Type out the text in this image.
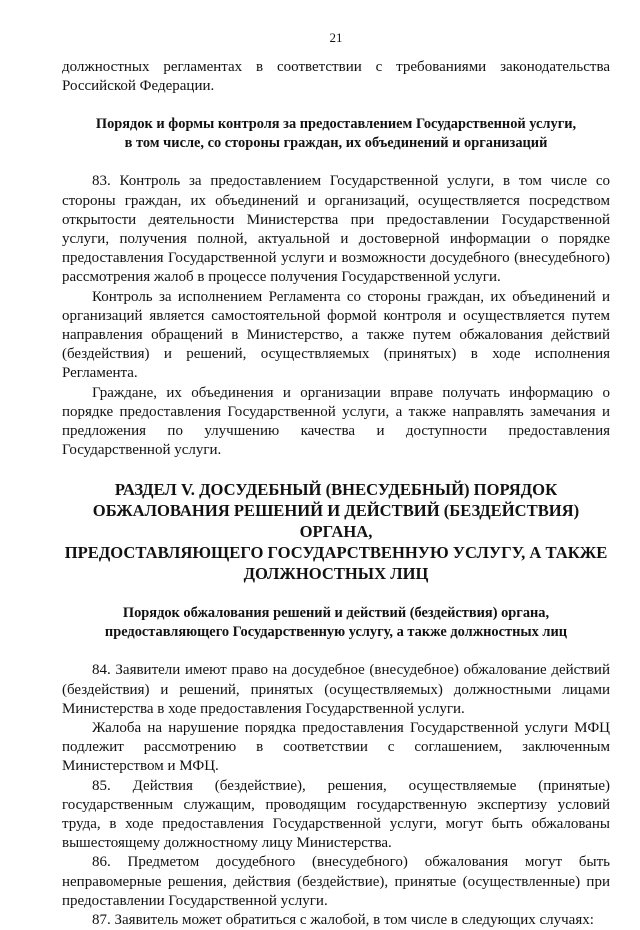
21

должностных регламентах в соответствии с требованиями законодательства Российской Федерации.

Порядок и формы контроля за предоставлением Государственной услуги,

в том числе, со стороны граждан, их объединений и организаций

83. Контроль за предоставлением Государственной услуги, в том числе со стороны граждан, их объединений и организаций, осуществляется посредством открытости деятельности Министерства при предоставлении Государственной услуги, получения полной, актуальной и достоверной информации о порядке предоставления Государственной услуги и возможности досудебного (внесудебного) рассмотрения жалоб в процессе получения Государственной услуги.

Контроль за исполнением Регламента со стороны граждан, их объединений и организаций является самостоятельной формой контроля и осуществляется путем направления обращений в Министерство, а также путем обжалования действий (бездействия) и решений, осуществляемых (принятых) в ходе исполнения Регламента.

Граждане, их объединения и организации вправе получать информацию о порядке предоставления Государственной услуги, а также направлять замечания и предложения по улучшению качества и доступности предоставления Государственной услуги.

РАЗДЕЛ V. ДОСУДЕБНЫЙ (ВНЕСУДЕБНЫЙ) ПОРЯДОК

ОБЖАЛОВАНИЯ РЕШЕНИЙ И ДЕЙСТВИЙ (БЕЗДЕЙСТВИЯ) ОРГАНА,

ПРЕДОСТАВЛЯЮЩЕГО ГОСУДАРСТВЕННУЮ УСЛУГУ, А ТАКЖЕ

ДОЛЖНОСТНЫХ ЛИЦ

Порядок обжалования решений и действий (бездействия) органа,

предоставляющего Государственную услугу, а также должностных лиц

84. Заявители имеют право на досудебное (внесудебное) обжалование действий (бездействия) и решений, принятых (осуществляемых) должностными лицами Министерства в ходе предоставления Государственной услуги.

Жалоба на нарушение порядка предоставления Государственной услуги МФЦ подлежит рассмотрению в соответствии с соглашением, заключенным Министерством и МФЦ.

85. Действия (бездействие), решения, осуществляемые (принятые) государственным служащим, проводящим государственную экспертизу условий труда, в ходе предоставления Государственной услуги, могут быть обжалованы вышестоящему должностному лицу Министерства.

86. Предметом досудебного (внесудебного) обжалования могут быть неправомерные решения, действия (бездействие), принятые (осуществленные) при предоставлении Государственной услуги.

87. Заявитель может обратиться с жалобой, в том числе в следующих случаях:
